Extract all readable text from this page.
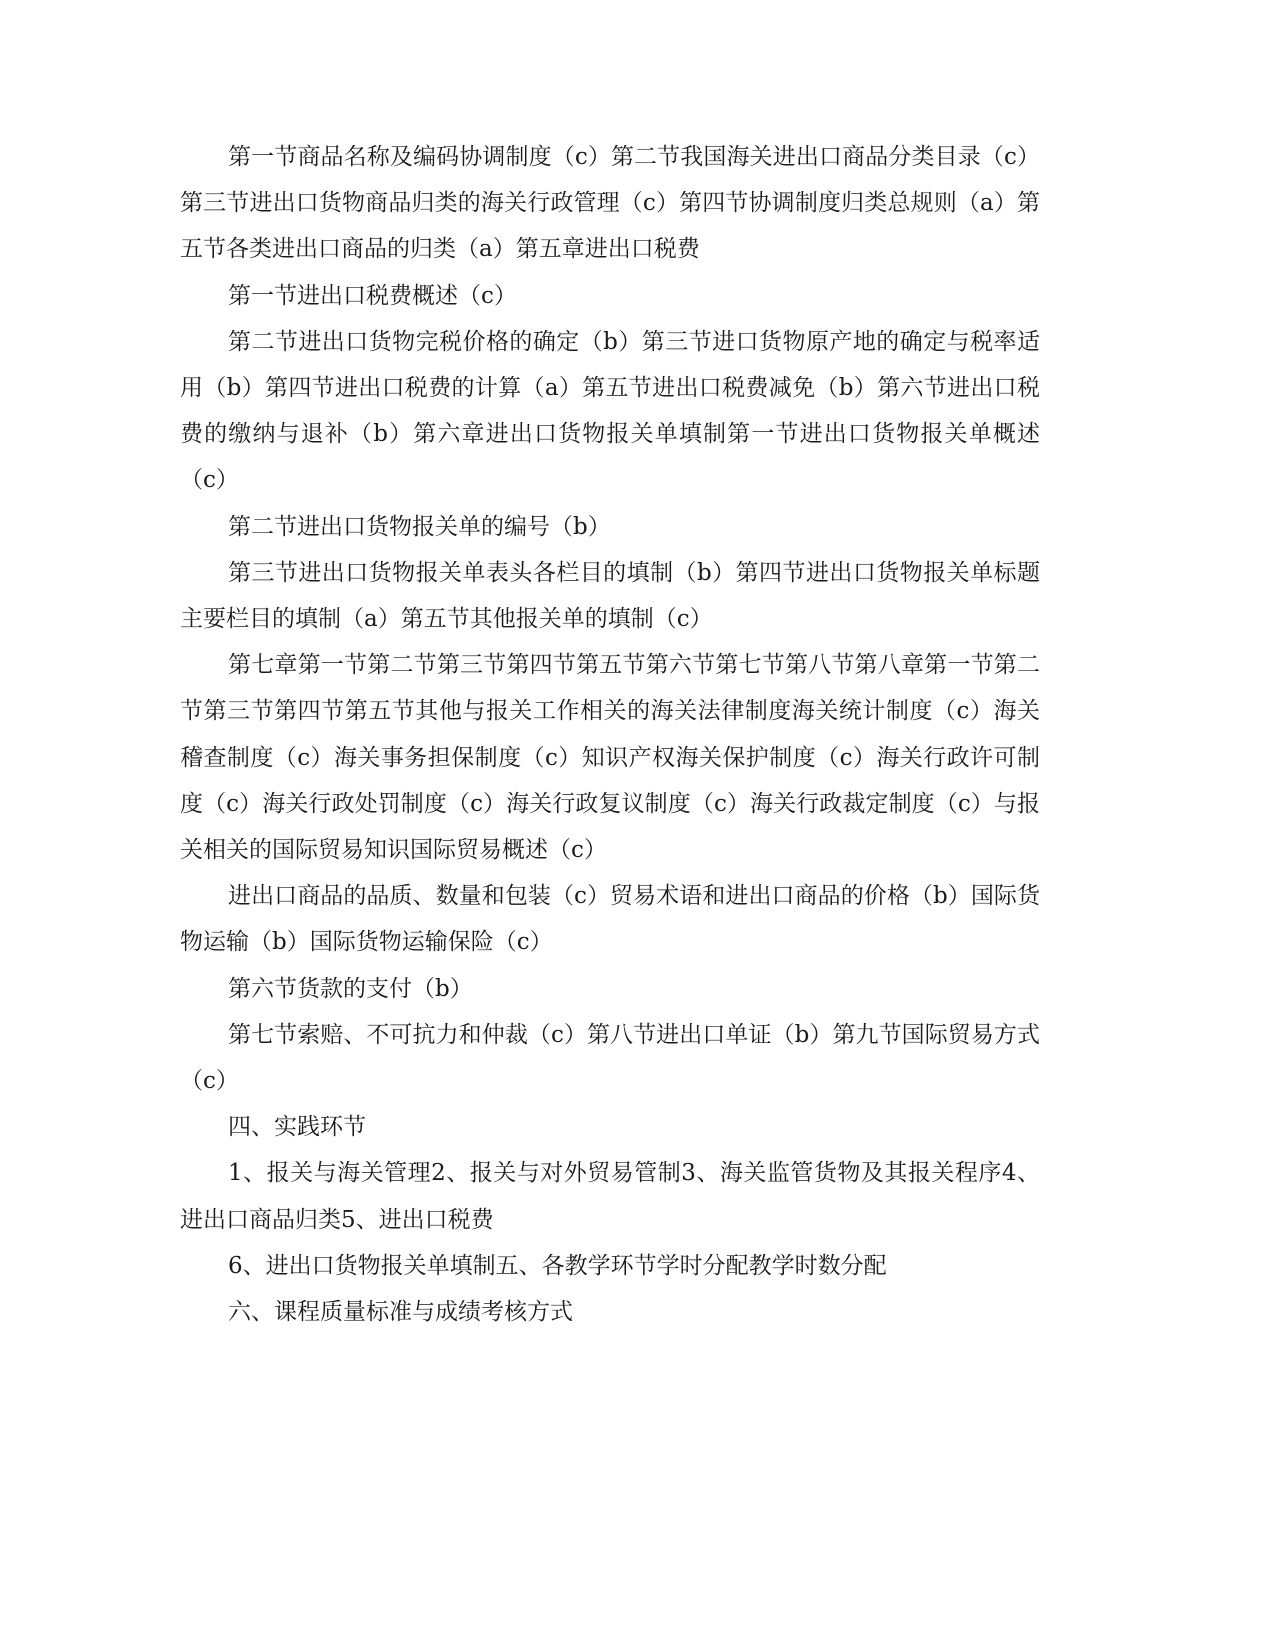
第一节商品名称及编码协调制度（c）第二节我国海关进出口商品分类目录（c）第三节进出口货物商品归类的海关行政管理（c）第四节协调制度归类总规则（a）第五节各类进出口商品的归类（a）第五章进出口税费

第一节进出口税费概述（c）

第二节进出口货物完税价格的确定（b）第三节进口货物原产地的确定与税率适用（b）第四节进出口税费的计算（a）第五节进出口税费减免（b）第六节进出口税费的缴纳与退补（b）第六章进出口货物报关单填制第一节进出口货物报关单概述（c）

第二节进出口货物报关单的编号（b）

第三节进出口货物报关单表头各栏目的填制（b）第四节进出口货物报关单标题主要栏目的填制（a）第五节其他报关单的填制（c）

第七章第一节第二节第三节第四节第五节第六节第七节第八节第八章第一节第二节第三节第四节第五节其他与报关工作相关的海关法律制度海关统计制度（c）海关稽查制度（c）海关事务担保制度（c）知识产权海关保护制度（c）海关行政许可制度（c）海关行政处罚制度（c）海关行政复议制度（c）海关行政裁定制度（c）与报关相关的国际贸易知识国际贸易概述（c）

进出口商品的品质、数量和包装（c）贸易术语和进出口商品的价格（b）国际货物运输（b）国际货物运输保险（c）

第六节货款的支付（b）

第七节索赔、不可抗力和仲裁（c）第八节进出口单证（b）第九节国际贸易方式（c）

四、实践环节

1、报关与海关管理2、报关与对外贸易管制3、海关监管货物及其报关程序4、进出口商品归类5、进出口税费

6、进出口货物报关单填制五、各教学环节学时分配教学时数分配

六、课程质量标准与成绩考核方式
